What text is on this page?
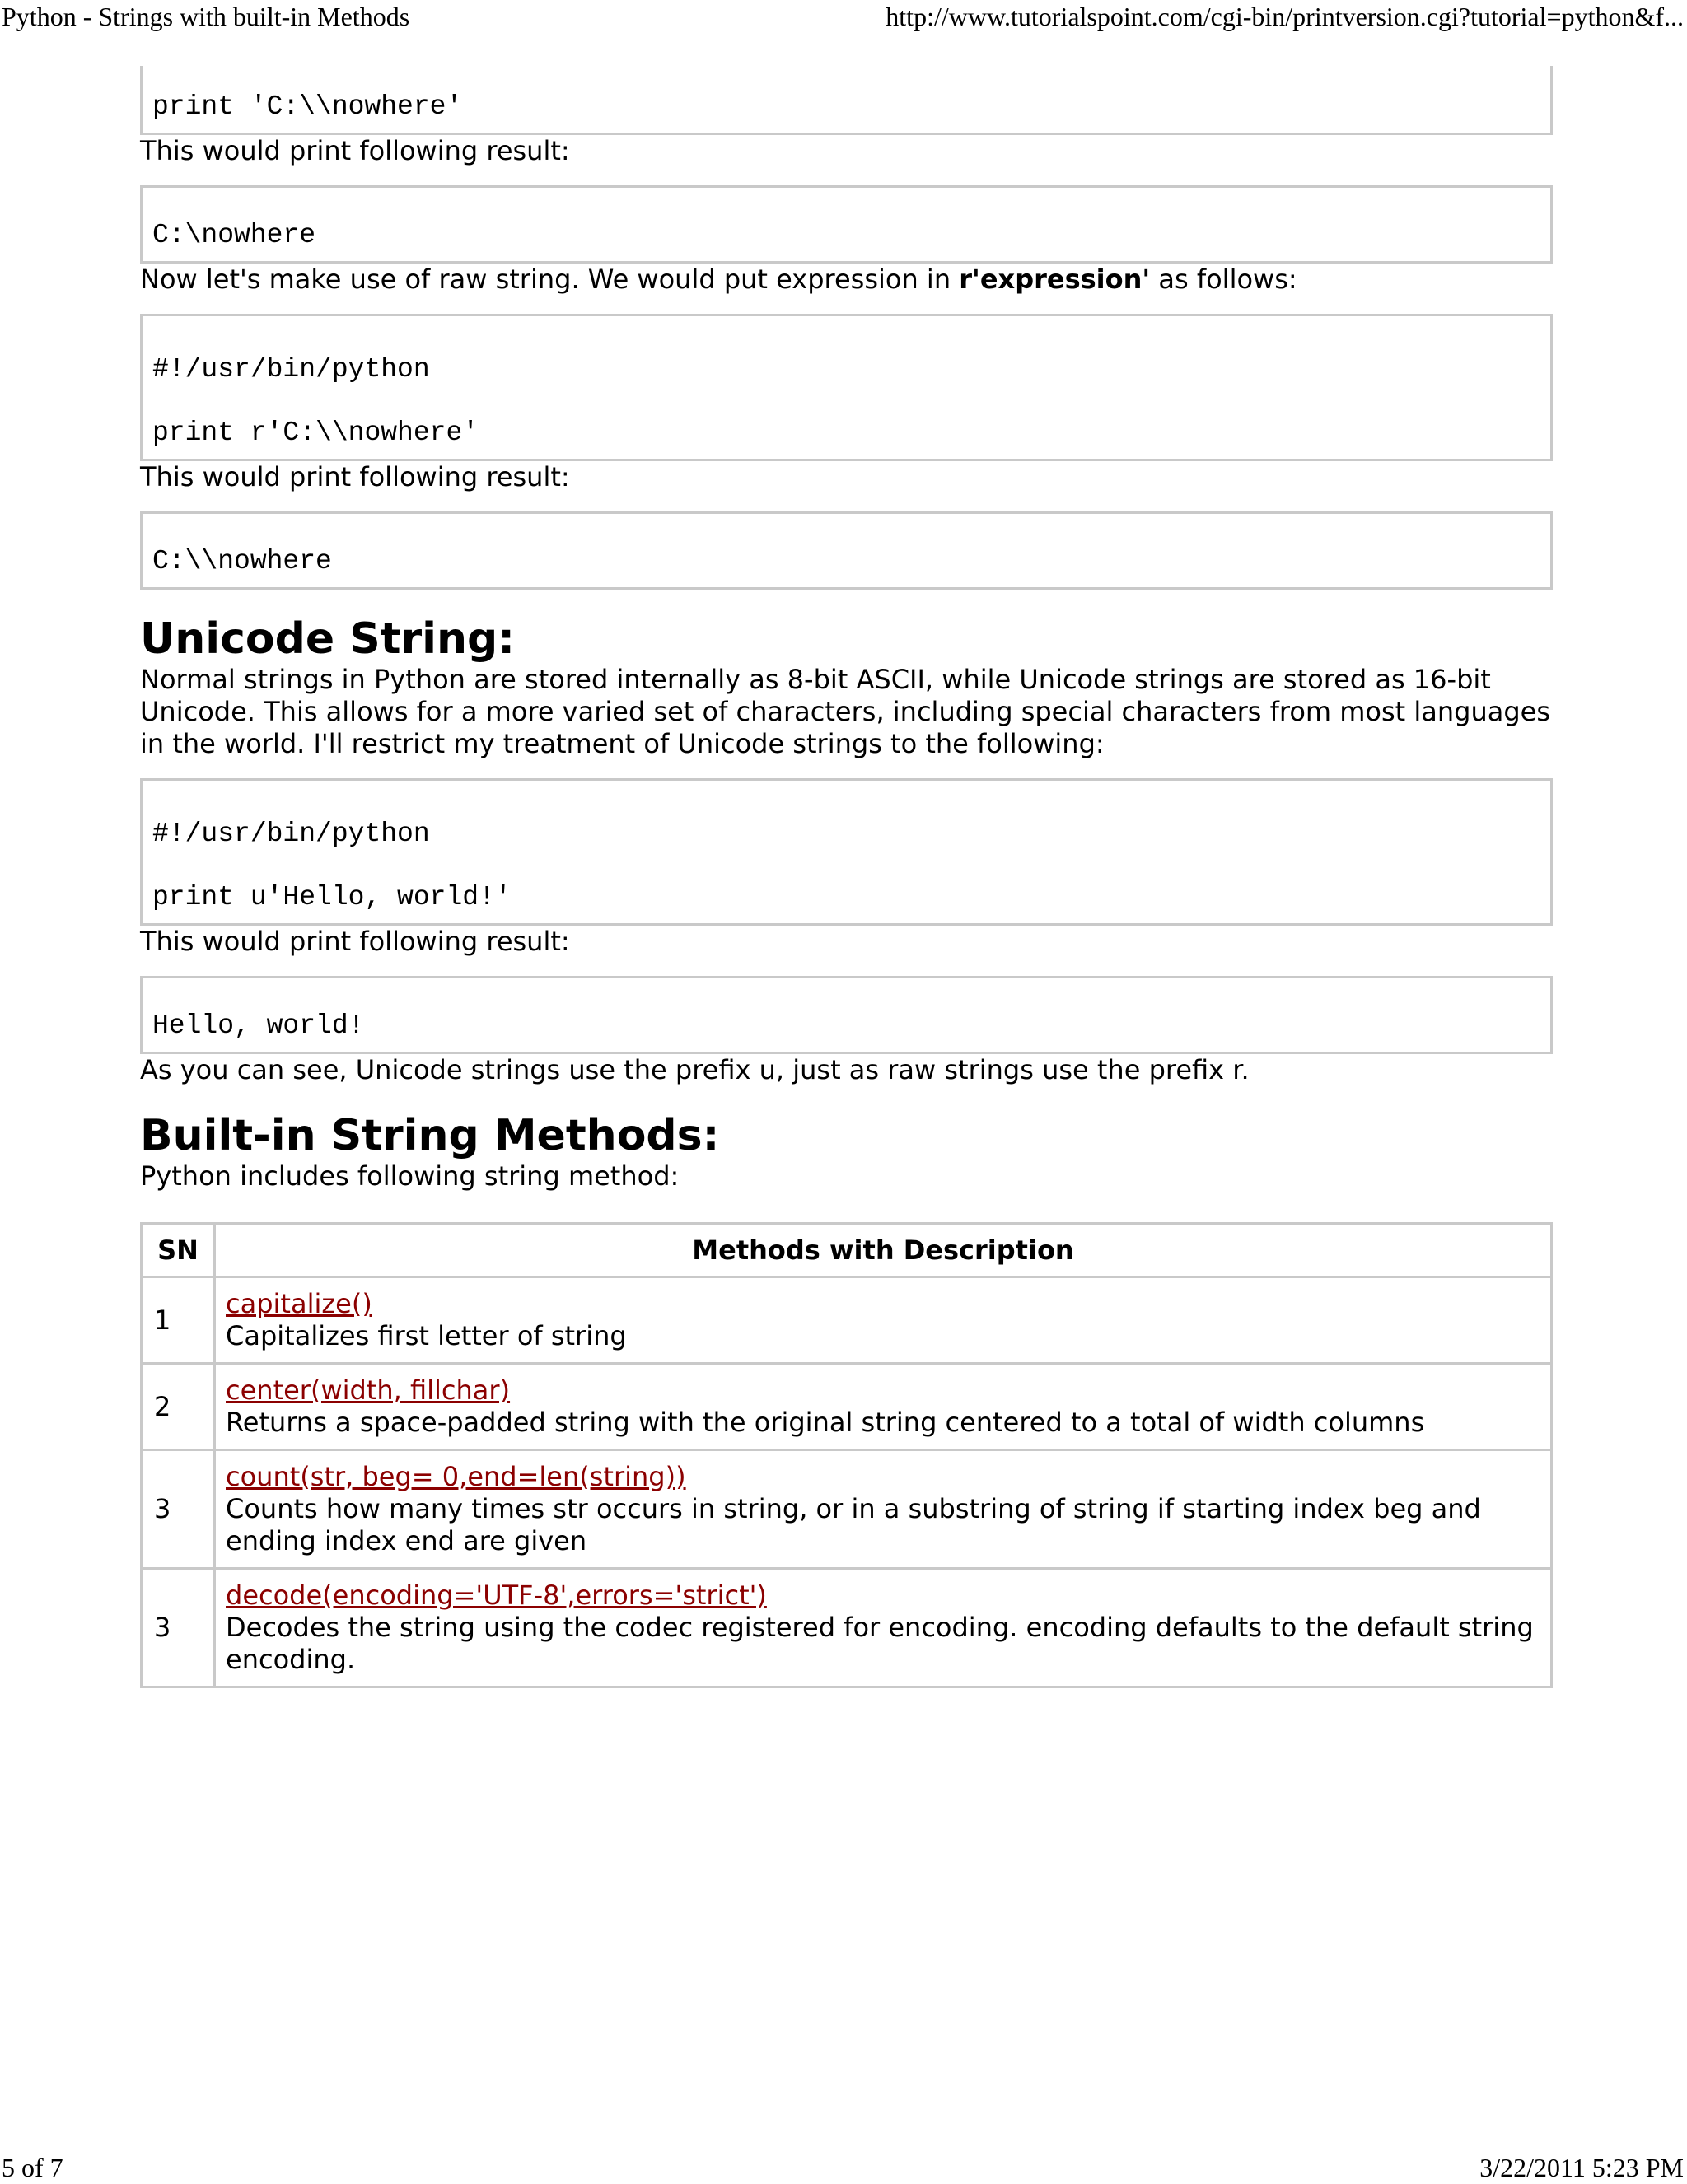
Python - Strings with built-in Methods	http://www.tutorialspoint.com/cgi-bin/printversion.cgi?tutorial=python&f...
print 'C:\\nowhere'

This would print following result:

C:\nowhere

Now let's make use of raw string. We would put expression in r'expression' as follows:

#!/usr/bin/python
print r'C:\\nowhere'

This would print following result:

C:\\nowhere
Unicode String:

Normal strings in Python are stored internally as 8-bit ASCII, while Unicode strings are stored as 16-bit Unicode. This allows for a more varied set of characters, including special characters from most languages in the world. I'll restrict my treatment of Unicode strings to the following:

#!/usr/bin/python
print u'Hello, world!'

This would print following result:

Hello, world!

As you can see, Unicode strings use the prefix u, just as raw strings use the prefix r.

Built-in String Methods:

Python includes following string method:

SN	Methods with Description
1	capitalize()
Capitalizes first letter of string
2	center(width, fillchar)
Returns a space-padded string with the original string centered to a total of width columns
3	count(str, beg= 0,end=len(string))
Counts how many times str occurs in string, or in a substring of string if starting index beg and ending index end are given
3	decode(encoding='UTF-8',errors='strict')
Decodes the string using the codec registered for encoding. encoding defaults to the default string encoding.
5 of 7	3/22/2011 5:23 PM
